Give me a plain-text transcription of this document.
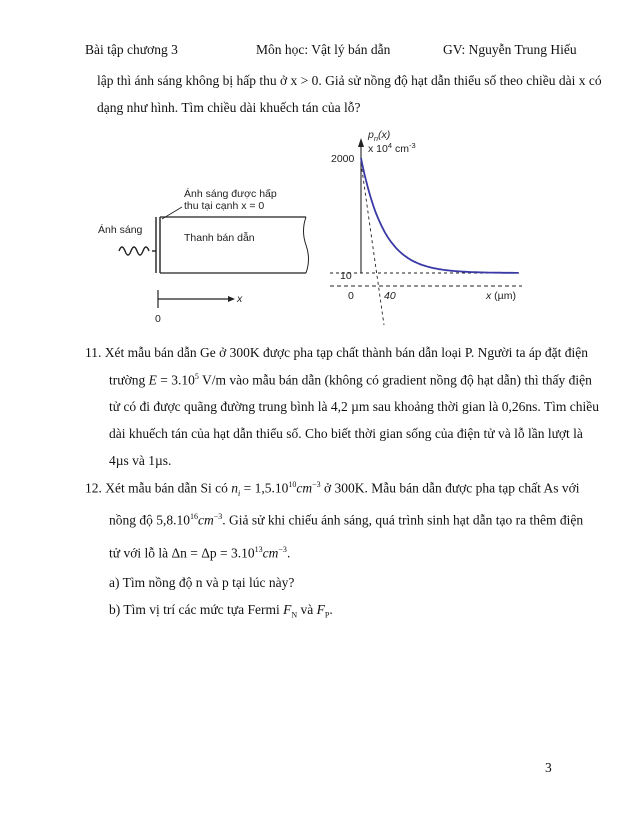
Bài tập chương 3	Môn học: Vật lý bán dẫn	GV: Nguyễn Trung Hiếu
lập thì ánh sáng không bị hấp thu ở x > 0. Giả sử nồng độ hạt dẫn thiểu số theo chiều dài x có
dạng như hình. Tìm chiều dài khuếch tán của lỗ?
Ánh sáng
Thanh bán dẫn
Ánh sáng được hấp
thu tại cạnh x = 0
x
0
$p_n(x)$
x $10^4$ $cm^{-3}$
2000
10
0	40	x (µm)
11. Xét mẫu bán dẫn Ge ở 300K được pha tạp chất thành bán dẫn loại P. Người ta áp đặt điện
trường $E = 3.10^5$ V/m vào mẫu bán dẫn (không có gradient nồng độ hạt dẫn) thì thấy điện
tử có đi được quãng đường trung bình là 4,2 µm sau khoảng thời gian là 0,26ns. Tìm chiều
dài khuếch tán của hạt dẫn thiểu số. Cho biết thời gian sống của điện tử và lỗ lần lượt là
4µs và 1µs.
12. Xét mẫu bán dẫn Si có $n_i = 1,5.10^{10}cm^{-3}$ ở 300K. Mẫu bán dẫn được pha tạp chất As với
nồng độ $5,8.10^{16}cm^{-3}$. Giả sử khi chiếu ánh sáng, quá trình sinh hạt dẫn tạo ra thêm điện
tử với lỗ là $\Delta n = \Delta p = 3.10^{13}cm^{-3}$.
a) Tìm nồng độ n và p tại lúc này?
b) Tìm vị trí các mức tựa Fermi $F_N$ và $F_P$.
3
